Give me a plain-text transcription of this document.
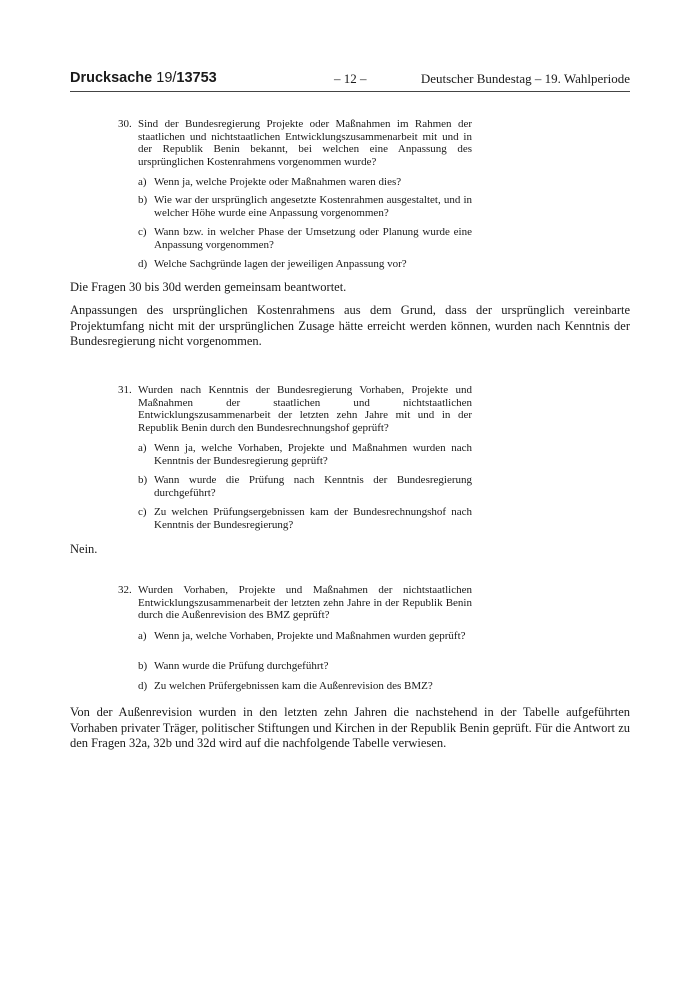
Drucksache 19/13753	– 12 –	Deutscher Bundestag – 19. Wahlperiode
30. Sind der Bundesregierung Projekte oder Maßnahmen im Rahmen der staatlichen und nichtstaatlichen Entwicklungszusammenarbeit mit und in der Republik Benin bekannt, bei welchen eine Anpassung des ursprünglichen Kostenrahmens vorgenommen wurde?
a) Wenn ja, welche Projekte oder Maßnahmen waren dies?
b) Wie war der ursprünglich angesetzte Kostenrahmen ausgestaltet, und in welcher Höhe wurde eine Anpassung vorgenommen?
c) Wann bzw. in welcher Phase der Umsetzung oder Planung wurde eine Anpassung vorgenommen?
d) Welche Sachgründe lagen der jeweiligen Anpassung vor?
Die Fragen 30 bis 30d werden gemeinsam beantwortet.
Anpassungen des ursprünglichen Kostenrahmens aus dem Grund, dass der ursprünglich vereinbarte Projektumfang nicht mit der ursprünglichen Zusage hätte erreicht werden können, wurden nach Kenntnis der Bundesregierung nicht vorgenommen.
31. Wurden nach Kenntnis der Bundesregierung Vorhaben, Projekte und Maßnahmen der staatlichen und nichtstaatlichen Entwicklungszusammenarbeit der letzten zehn Jahre mit und in der Republik Benin durch den Bundesrechnungshof geprüft?
a) Wenn ja, welche Vorhaben, Projekte und Maßnahmen wurden nach Kenntnis der Bundesregierung geprüft?
b) Wann wurde die Prüfung nach Kenntnis der Bundesregierung durchgeführt?
c) Zu welchen Prüfungsergebnissen kam der Bundesrechnungshof nach Kenntnis der Bundesregierung?
Nein.
32. Wurden Vorhaben, Projekte und Maßnahmen der nichtstaatlichen Entwicklungszusammenarbeit der letzten zehn Jahre in der Republik Benin durch die Außenrevision des BMZ geprüft?
a) Wenn ja, welche Vorhaben, Projekte und Maßnahmen wurden geprüft?
b) Wann wurde die Prüfung durchgeführt?
d) Zu welchen Prüfergebnissen kam die Außenrevision des BMZ?
Von der Außenrevision wurden in den letzten zehn Jahren die nachstehend in der Tabelle aufgeführten Vorhaben privater Träger, politischer Stiftungen und Kirchen in der Republik Benin geprüft. Für die Antwort zu den Fragen 32a, 32b und 32d wird auf die nachfolgende Tabelle verwiesen.
